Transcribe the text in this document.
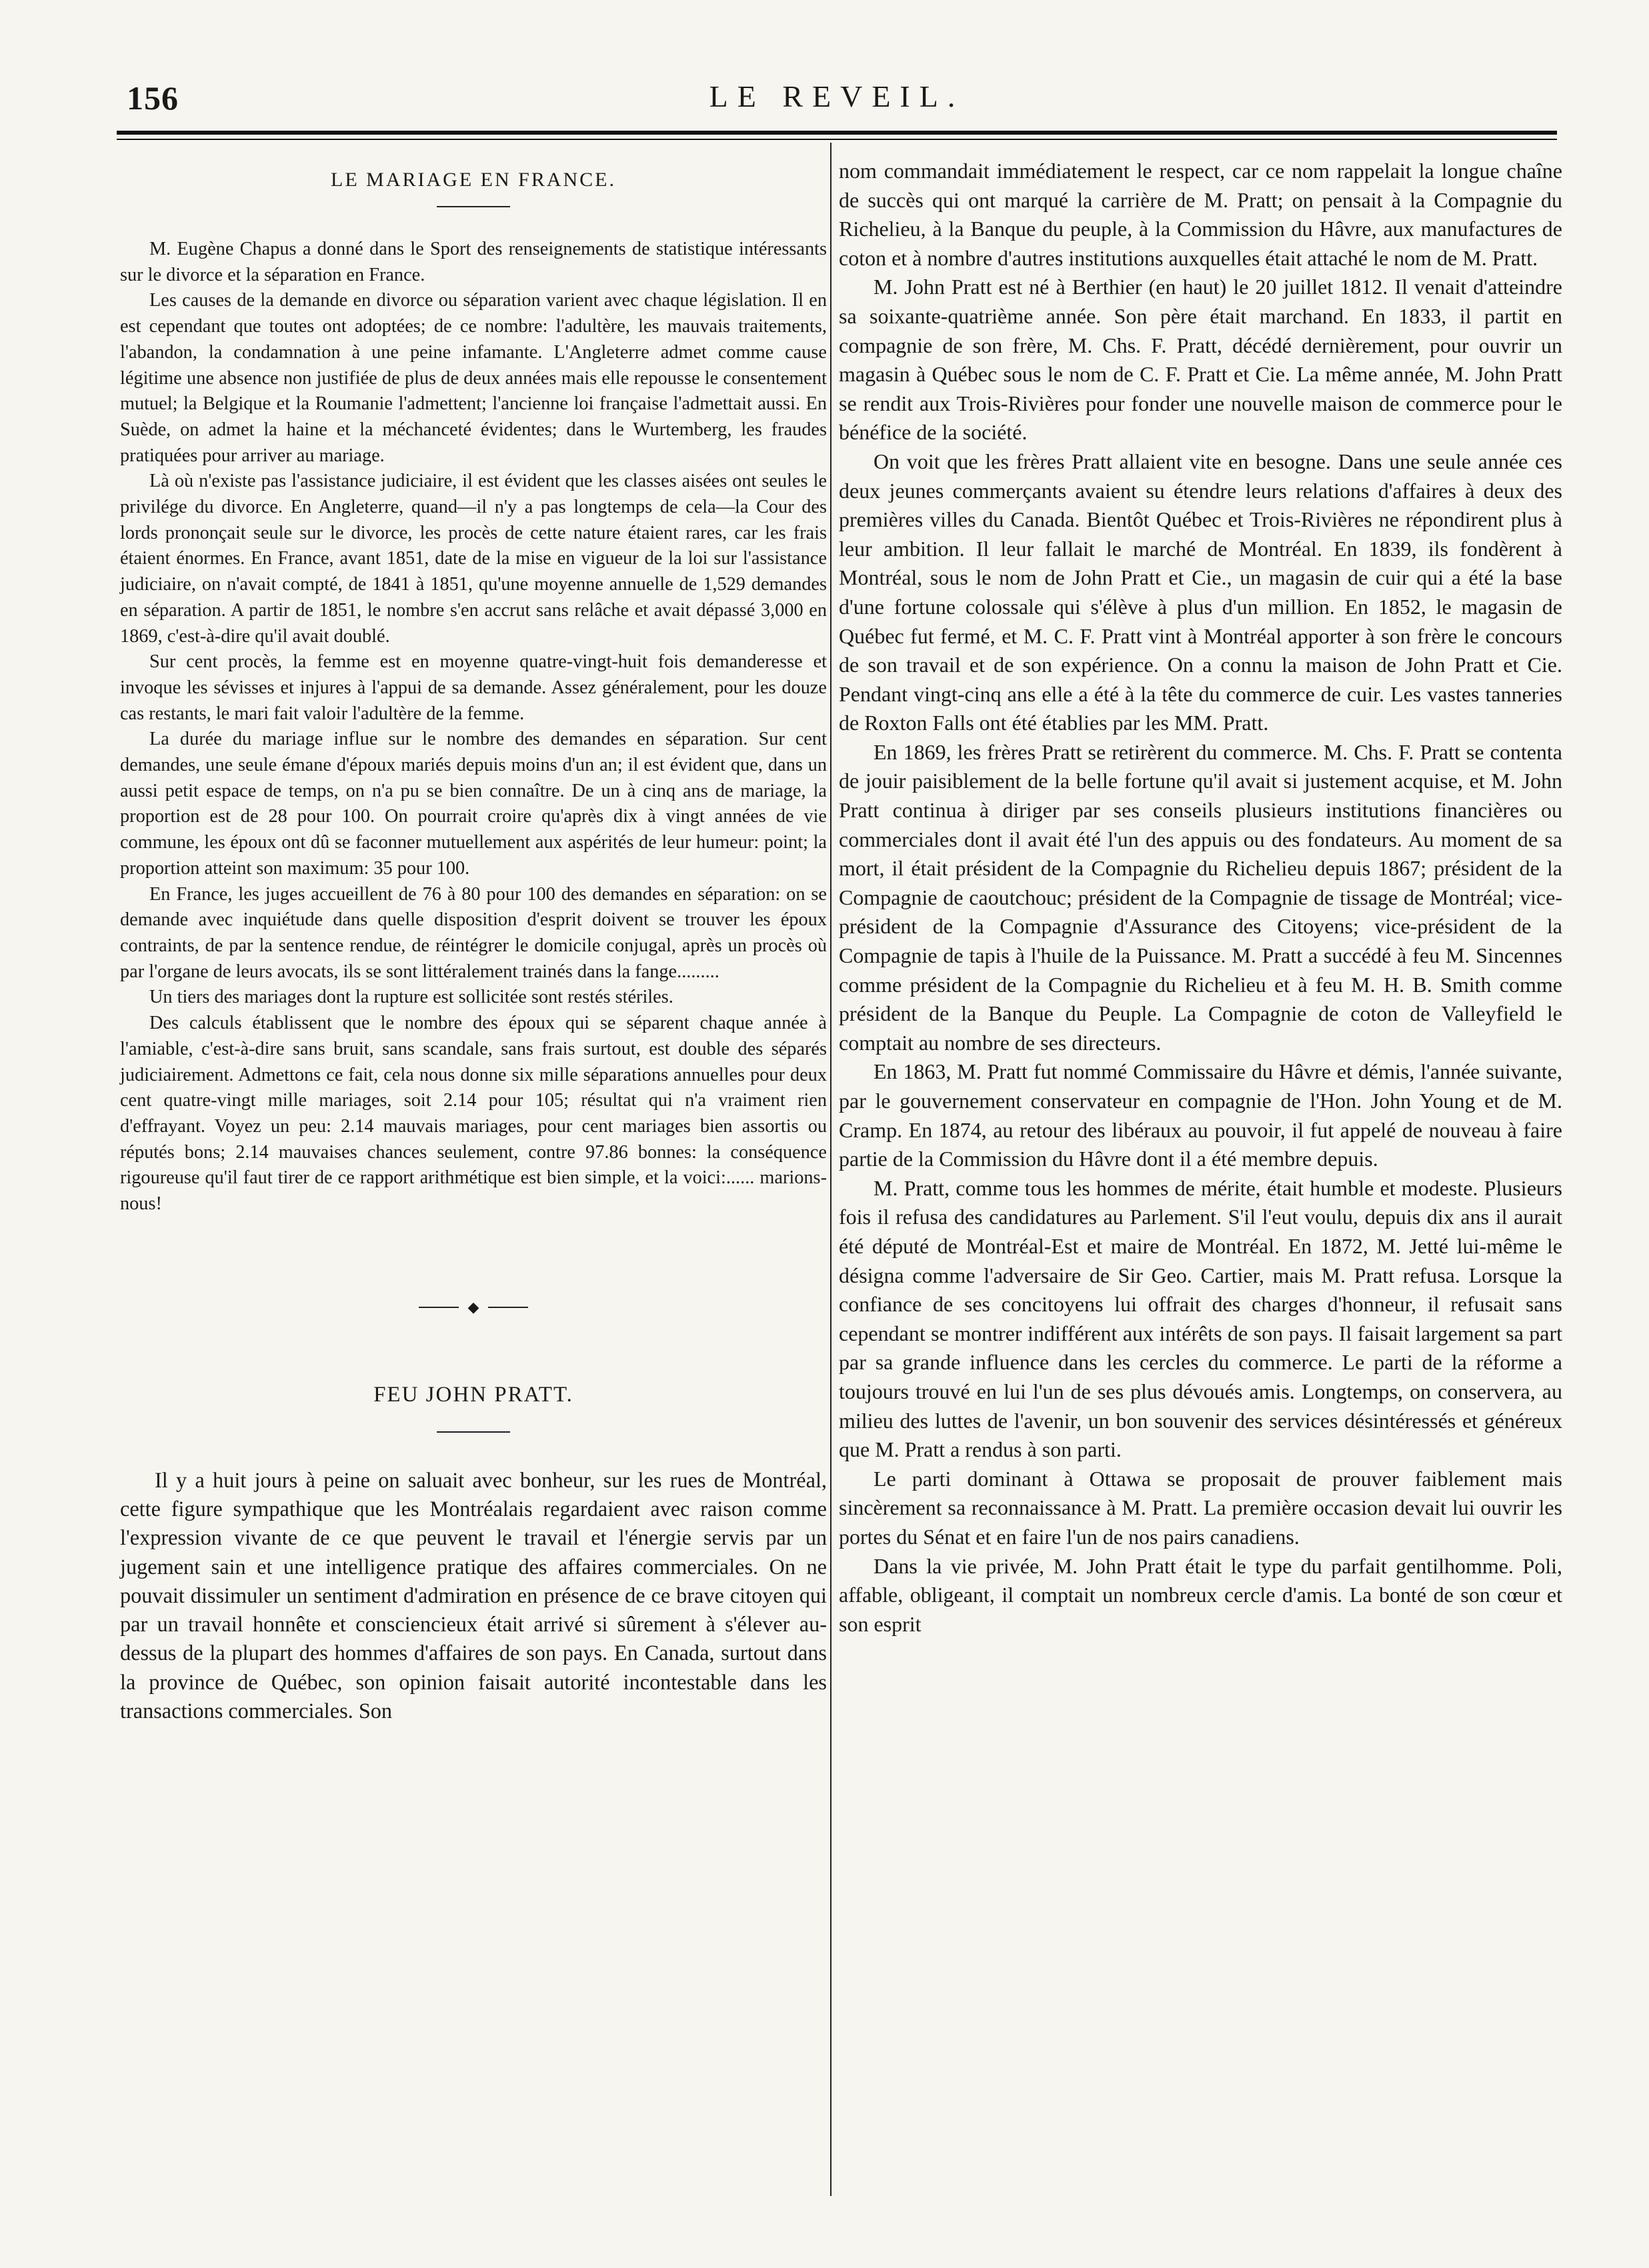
156	LE REVEIL.
LE MARIAGE EN FRANCE.

M. Eugène Chapus a donné dans le Sport des renseignements de statistique intéressants sur le divorce et la séparation en France.

Les causes de la demande en divorce ou séparation varient avec chaque législation. Il en est cependant que toutes ont adoptées; de ce nombre: l'adultère, les mauvais traitements, l'abandon, la condamnation à une peine infamante. L'Angleterre admet comme cause légitime une absence non justifiée de plus de deux années mais elle repousse le consentement mutuel; la Belgique et la Roumanie l'admettent; l'ancienne loi française l'admettait aussi. En Suède, on admet la haine et la méchanceté évidentes; dans le Wurtemberg, les fraudes pratiquées pour arriver au mariage.

Là où n'existe pas l'assistance judiciaire, il est évident que les classes aisées ont seules le privilége du divorce. En Angleterre, quand—il n'y a pas longtemps de cela—la Cour des lords prononçait seule sur le divorce, les procès de cette nature étaient rares, car les frais étaient énormes. En France, avant 1851, date de la mise en vigueur de la loi sur l'assistance judiciaire, on n'avait compté, de 1841 à 1851, qu'une moyenne annuelle de 1,529 demandes en séparation. A partir de 1851, le nombre s'en accrut sans relâche et avait dépassé 3,000 en 1869, c'est-à-dire qu'il avait doublé.

Sur cent procès, la femme est en moyenne quatre-vingt-huit fois demanderesse et invoque les sévisses et injures à l'appui de sa demande. Assez généralement, pour les douze cas restants, le mari fait valoir l'adultère de la femme.

La durée du mariage influe sur le nombre des demandes en séparation. Sur cent demandes, une seule émane d'époux mariés depuis moins d'un an; il est évident que, dans un aussi petit espace de temps, on n'a pu se bien connaître. De un à cinq ans de mariage, la proportion est de 28 pour 100. On pourrait croire qu'après dix à vingt années de vie commune, les époux ont dû se faconner mutuellement aux aspérités de leur humeur: point; la proportion atteint son maximum: 35 pour 100.

En France, les juges accueillent de 76 à 80 pour 100 des demandes en séparation: on se demande avec inquiétude dans quelle disposition d'esprit doivent se trouver les époux contraints, de par la sentence rendue, de réintégrer le domicile conjugal, après un procès où par l'organe de leurs avocats, ils se sont littéralement trainés dans la fange.........

Un tiers des mariages dont la rupture est sollicitée sont restés stériles.

Des calculs établissent que le nombre des époux qui se séparent chaque année à l'amiable, c'est-à-dire sans bruit, sans scandale, sans frais surtout, est double des séparés judiciairement. Admettons ce fait, cela nous donne six mille séparations annuelles pour deux cent quatre-vingt mille mariages, soit 2.14 pour 105; résultat qui n'a vraiment rien d'effrayant. Voyez un peu: 2.14 mauvais mariages, pour cent mariages bien assortis ou réputés bons; 2.14 mauvaises chances seulement, contre 97.86 bonnes: la conséquence rigoureuse qu'il faut tirer de ce rapport arithmétique est bien simple, et la voici:...... marions-nous!

◆
FEU JOHN PRATT.

Il y a huit jours à peine on saluait avec bonheur, sur les rues de Montréal, cette figure sympathique que les Montréalais regardaient avec raison comme l'expression vivante de ce que peuvent le travail et l'énergie servis par un jugement sain et une intelligence pratique des affaires commerciales. On ne pouvait dissimuler un sentiment d'admiration en présence de ce brave citoyen qui par un travail honnête et consciencieux était arrivé si sûrement à s'élever au-dessus de la plupart des hommes d'affaires de son pays. En Canada, surtout dans la province de Québec, son opinion faisait autorité incontestable dans les transactions commerciales. Son

nom commandait immédiatement le respect, car ce nom rappelait la longue chaîne de succès qui ont marqué la carrière de M. Pratt; on pensait à la Compagnie du Richelieu, à la Banque du peuple, à la Commission du Hâvre, aux manufactures de coton et à nombre d'autres institutions auxquelles était attaché le nom de M. Pratt.

M. John Pratt est né à Berthier (en haut) le 20 juillet 1812. Il venait d'atteindre sa soixante-quatrième année. Son père était marchand. En 1833, il partit en compagnie de son frère, M. Chs. F. Pratt, décédé dernièrement, pour ouvrir un magasin à Québec sous le nom de C. F. Pratt et Cie. La même année, M. John Pratt se rendit aux Trois-Rivières pour fonder une nouvelle maison de commerce pour le bénéfice de la société.

On voit que les frères Pratt allaient vite en besogne. Dans une seule année ces deux jeunes commerçants avaient su étendre leurs relations d'affaires à deux des premières villes du Canada. Bientôt Québec et Trois-Rivières ne répondirent plus à leur ambition. Il leur fallait le marché de Montréal. En 1839, ils fondèrent à Montréal, sous le nom de John Pratt et Cie., un magasin de cuir qui a été la base d'une fortune colossale qui s'élève à plus d'un million. En 1852, le magasin de Québec fut fermé, et M. C. F. Pratt vint à Montréal apporter à son frère le concours de son travail et de son expérience. On a connu la maison de John Pratt et Cie. Pendant vingt-cinq ans elle a été à la tête du commerce de cuir. Les vastes tanneries de Roxton Falls ont été établies par les MM. Pratt.

En 1869, les frères Pratt se retirèrent du commerce. M. Chs. F. Pratt se contenta de jouir paisiblement de la belle fortune qu'il avait si justement acquise, et M. John Pratt continua à diriger par ses conseils plusieurs institutions financières ou commerciales dont il avait été l'un des appuis ou des fondateurs. Au moment de sa mort, il était président de la Compagnie du Richelieu depuis 1867; président de la Compagnie de caoutchouc; président de la Compagnie de tissage de Montréal; vice-président de la Compagnie d'Assurance des Citoyens; vice-président de la Compagnie de tapis à l'huile de la Puissance. M. Pratt a succédé à feu M. Sincennes comme président de la Compagnie du Richelieu et à feu M. H. B. Smith comme président de la Banque du Peuple. La Compagnie de coton de Valleyfield le comptait au nombre de ses directeurs.

En 1863, M. Pratt fut nommé Commissaire du Hâvre et démis, l'année suivante, par le gouvernement conservateur en compagnie de l'Hon. John Young et de M. Cramp. En 1874, au retour des libéraux au pouvoir, il fut appelé de nouveau à faire partie de la Commission du Hâvre dont il a été membre depuis.

M. Pratt, comme tous les hommes de mérite, était humble et modeste. Plusieurs fois il refusa des candidatures au Parlement. S'il l'eut voulu, depuis dix ans il aurait été député de Montréal-Est et maire de Montréal. En 1872, M. Jetté lui-même le désigna comme l'adversaire de Sir Geo. Cartier, mais M. Pratt refusa. Lorsque la confiance de ses concitoyens lui offrait des charges d'honneur, il refusait sans cependant se montrer indifférent aux intérêts de son pays. Il faisait largement sa part par sa grande influence dans les cercles du commerce. Le parti de la réforme a toujours trouvé en lui l'un de ses plus dévoués amis. Longtemps, on conservera, au milieu des luttes de l'avenir, un bon souvenir des services désintéressés et généreux que M. Pratt a rendus à son parti.

Le parti dominant à Ottawa se proposait de prouver faiblement mais sincèrement sa reconnaissance à M. Pratt. La première occasion devait lui ouvrir les portes du Sénat et en faire l'un de nos pairs canadiens.

Dans la vie privée, M. John Pratt était le type du parfait gentilhomme. Poli, affable, obligeant, il comptait un nombreux cercle d'amis. La bonté de son cœur et son esprit
